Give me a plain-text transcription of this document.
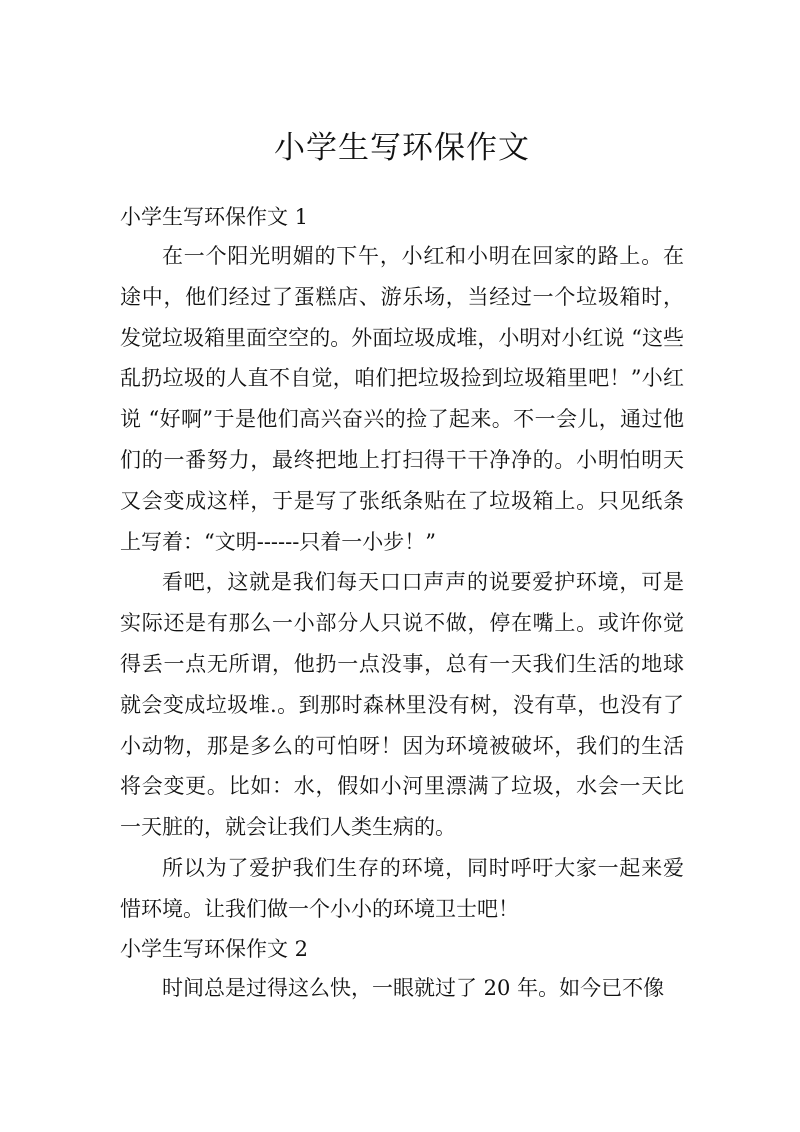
小学生写环保作文
小学生写环保作文 1

在一个阳光明媚的下午，小红和小明在回家的路上。在途中，他们经过了蛋糕店、游乐场，当经过一个垃圾箱时，发觉垃圾箱里面空空的。外面垃圾成堆，小明对小红说 “这些乱扔垃圾的人直不自觉，咱们把垃圾捡到垃圾箱里吧！”小红说 “好啊”于是他们高兴奋兴的捡了起来。不一会儿，通过他们的一番努力，最终把地上打扫得干干净净的。小明怕明天又会变成这样，于是写了张纸条贴在了垃圾箱上。只见纸条上写着：“文明------只着一小步！”

看吧，这就是我们每天口口声声的说要爱护环境，可是实际还是有那么一小部分人只说不做，停在嘴上。或许你觉得丢一点无所谓，他扔一点没事，总有一天我们生活的地球就会变成垃圾堆.。到那时森林里没有树，没有草，也没有了小动物，那是多么的可怕呀！因为环境被破坏，我们的生活将会变更。比如：水，假如小河里漂满了垃圾，水会一天比一天脏的，就会让我们人类生病的。

所以为了爱护我们生存的环境，同时呼吁大家一起来爱惜环境。让我们做一个小小的环境卫士吧！

小学生写环保作文 2

时间总是过得这么快，一眼就过了 20 年。如今已不像
